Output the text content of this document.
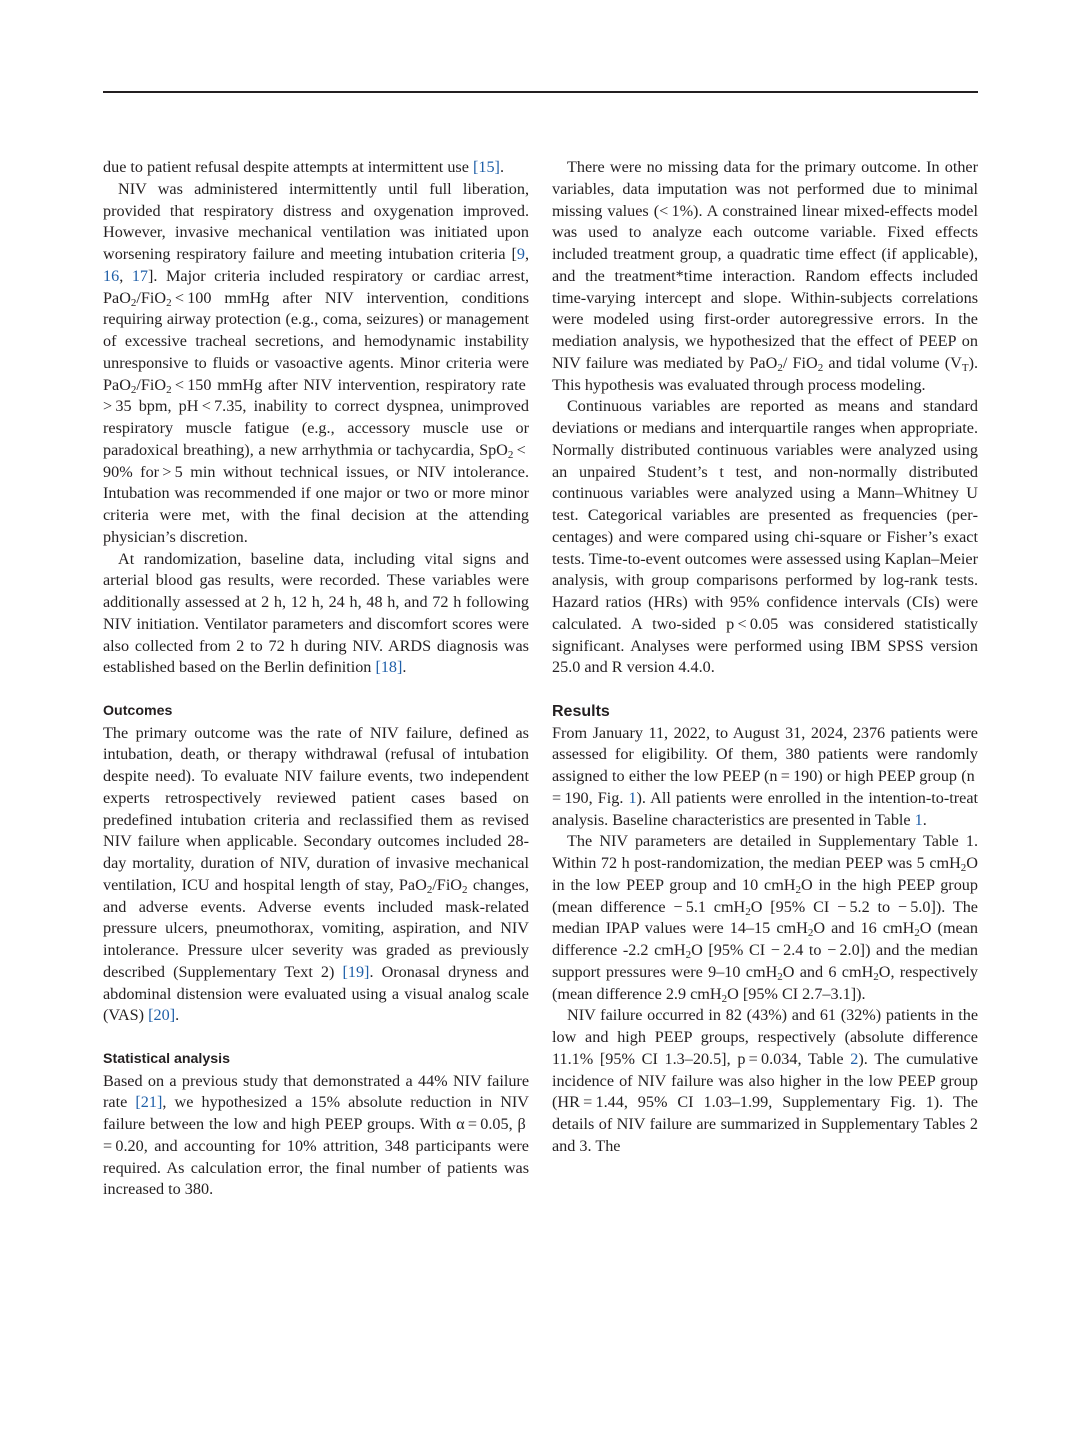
due to patient refusal despite attempts at intermittent use [15].

NIV was administered intermittently until full liberation, provided that respiratory distress and oxygenation improved. However, invasive mechanical ventilation was initiated upon worsening respiratory failure and meeting intubation criteria [9, 16, 17]. Major criteria included respiratory or cardiac arrest, PaO$_2$/FiO$_2$ < 100 mmHg after NIV intervention, conditions requiring airway protection (e.g., coma, seizures) or management of excessive tracheal secretions, and hemodynamic instability unresponsive to fluids or vasoactive agents. Minor criteria were PaO$_2$/FiO$_2$ < 150 mmHg after NIV intervention, respiratory rate > 35 bpm, pH < 7.35, inability to correct dyspnea, unimproved respiratory muscle fatigue (e.g., accessory muscle use or paradoxical breathing), a new arrhythmia or tachycardia, SpO$_2$ < 90% for > 5 min without technical issues, or NIV intolerance. Intubation was recommended if one major or two or more minor criteria were met, with the final decision at the attending physician’s discretion.

At randomization, baseline data, including vital signs and arterial blood gas results, were recorded. These variables were additionally assessed at 2 h, 12 h, 24 h, 48 h, and 72 h following NIV initiation. Ventilator parameters and discomfort scores were also collected from 2 to 72 h during NIV. ARDS diagnosis was established based on the Berlin definition [18].

Outcomes

The primary outcome was the rate of NIV failure, defined as intubation, death, or therapy withdrawal (refusal of intubation despite need). To evaluate NIV failure events, two independent experts retrospectively reviewed patient cases based on predefined intubation criteria and reclassified them as revised NIV failure when applicable. Secondary outcomes included 28-day mortality, duration of NIV, duration of invasive mechanical ventilation, ICU and hospital length of stay, PaO$_2$/FiO$_2$ changes, and adverse events. Adverse events included mask-related pressure ulcers, pneumothorax, vomiting, aspiration, and NIV intolerance. Pressure ulcer severity was graded as previously described (Supplementary Text 2) [19]. Oronasal dryness and abdominal distension were evaluated using a visual analog scale (VAS) [20].

Statistical analysis

Based on a previous study that demonstrated a 44% NIV failure rate [21], we hypothesized a 15% absolute reduction in NIV failure between the low and high PEEP groups. With α = 0.05, β = 0.20, and accounting for 10% attrition, 348 participants were required. As calculation error, the final number of patients was increased to 380.

There were no missing data for the primary outcome. In other variables, data imputation was not performed due to minimal missing values (< 1%). A constrained linear mixed-effects model was used to analyze each outcome variable. Fixed effects included treatment group, a quadratic time effect (if applicable), and the treatment*time interaction. Random effects included time-varying intercept and slope. Within-subjects correlations were modeled using first-order autoregressive errors. In the mediation analysis, we hypothesized that the effect of PEEP on NIV failure was mediated by PaO$_2$/ FiO$_2$ and tidal volume $(V_T)$. This hypothesis was evaluated through process modeling.

Continuous variables are reported as means and standard deviations or medians and interquartile ranges when appropriate. Normally distributed continuous variables were analyzed using an unpaired Student’s t test, and non-normally distributed continuous variables were analyzed using a Mann–Whitney U test. Categorical variables are presented as frequencies (percentages) and were compared using chi-square or Fisher’s exact tests. Time-to-event outcomes were assessed using Kaplan–Meier analysis, with group comparisons performed by log-rank tests. Hazard ratios (HRs) with 95% confidence intervals (CIs) were calculated. A two-sided p < 0.05 was considered statistically significant. Analyses were performed using IBM SPSS version 25.0 and R version 4.4.0.

Results

From January 11, 2022, to August 31, 2024, 2376 patients were assessed for eligibility. Of them, 380 patients were randomly assigned to either the low PEEP (n = 190) or high PEEP group (n = 190, Fig. 1). All patients were enrolled in the intention-to-treat analysis. Baseline characteristics are presented in Table 1.

The NIV parameters are detailed in Supplementary Table 1. Within 72 h post-randomization, the median PEEP was 5 cmH$_2$O in the low PEEP group and 10 cmH$_2$O in the high PEEP group (mean difference − 5.1 cmH$_2$O [95% CI − 5.2 to − 5.0]). The median IPAP values were 14–15 cmH$_2$O and 16 cmH$_2$O (mean difference -2.2 cmH$_2$O [95% CI − 2.4 to − 2.0]) and the median support pressures were 9–10 cmH$_2$O and 6 cmH$_2$O, respectively (mean difference 2.9 cmH$_2$O [95% CI 2.7–3.1]).

NIV failure occurred in 82 (43%) and 61 (32%) patients in the low and high PEEP groups, respectively (absolute difference 11.1% [95% CI 1.3–20.5], p = 0.034, Table 2). The cumulative incidence of NIV failure was also higher in the low PEEP group (HR = 1.44, 95% CI 1.03–1.99, Supplementary Fig. 1). The details of NIV failure are summarized in Supplementary Tables 2 and 3. The
